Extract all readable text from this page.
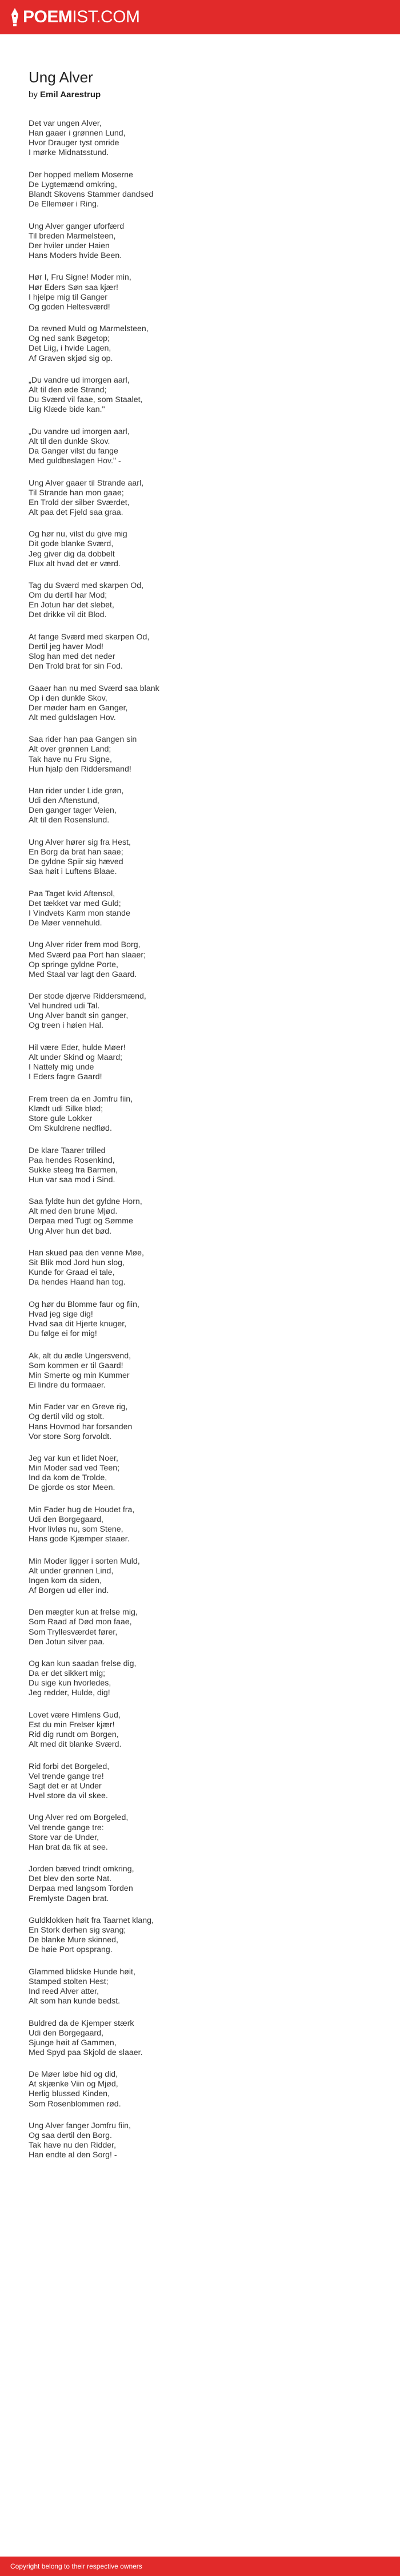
POEMIST.COM
Ung Alver
by Emil Aarestrup
Det var ungen Alver,
Han gaaer i grønnen Lund,
Hvor Drauger tyst omride
I mørke Midnatsstund.
Der hopped mellem Moserne
De Lygtemænd omkring,
Blandt Skovens Stammer dandsed
De Ellemøer i Ring.
Ung Alver ganger uforfærd
Til breden Marmelsteen,
Der hviler under Haien
Hans Moders hvide Been.
Hør I, Fru Signe! Moder min,
Hør Eders Søn saa kjær!
I hjelpe mig til Ganger
Og goden Heltesværd!
Da revned Muld og Marmelsteen,
Og ned sank Bøgetop;
Det Liig, i hvide Lagen,
Af Graven skjød sig op.
„Du vandre ud imorgen aarl,
Alt til den øde Strand;
Du Sværd vil faae, som Staalet,
Liig Klæde bide kan."
„Du vandre ud imorgen aarl,
Alt til den dunkle Skov.
Da Ganger vilst du fange
Med guldbeslagen Hov." -
Ung Alver gaaer til Strande aarl,
Til Strande han mon gaae;
En Trold der silber Sværdet,
Alt paa det Fjeld saa graa.
Og hør nu, vilst du give mig
Dit gode blanke Sværd,
Jeg giver dig da dobbelt
Flux alt hvad det er værd.
Tag du Sværd med skarpen Od,
Om du dertil har Mod;
En Jotun har det slebet,
Det drikke vil dit Blod.
At fange Sværd med skarpen Od,
Dertil jeg haver Mod!
Slog han med det neder
Den Trold brat for sin Fod.
Gaaer han nu med Sværd saa blank
Op i den dunkle Skov,
Der møder ham en Ganger,
Alt med guldslagen Hov.
Saa rider han paa Gangen sin
Alt over grønnen Land;
Tak have nu Fru Signe,
Hun hjalp den Riddersmand!
Han rider under Lide grøn,
Udi den Aftenstund,
Den ganger tager Veien,
Alt til den Rosenslund.
Ung Alver hører sig fra Hest,
En Borg da brat han saae;
De gyldne Spiir sig hæved
Saa høit i Luftens Blaae.
Paa Taget kvid Aftensol,
Det tækket var med Guld;
I Vindvets Karm mon stande
De Møer vennehuld.
Ung Alver rider frem mod Borg,
Med Sværd paa Port han slaaer;
Op springe gyldne Porte,
Med Staal var lagt den Gaard.
Der stode djærve Riddersmænd,
Vel hundred udi Tal.
Ung Alver bandt sin ganger,
Og treen i høien Hal.
Hil være Eder, hulde Møer!
Alt under Skind og Maard;
I Nattely mig unde
I Eders fagre Gaard!
Frem treen da en Jomfru fiin,
Klædt udi Silke blød;
Store gule Lokker
Om Skuldrene nedflød.
De klare Taarer trilled
Paa hendes Rosenkind,
Sukke steeg fra Barmen,
Hun var saa mod i Sind.
Saa fyldte hun det gyldne Horn,
Alt med den brune Mjød.
Derpaa med Tugt og Sømme
Ung Alver hun det bød.
Han skued paa den venne Møe,
Sit Blik mod Jord hun slog,
Kunde for Graad ei tale,
Da hendes Haand han tog.
Og hør du Blomme faur og fiin,
Hvad jeg sige dig!
Hvad saa dit Hjerte knuger,
Du følge ei for mig!
Ak, alt du ædle Ungersvend,
Som kommen er til Gaard!
Min Smerte og min Kummer
Ei lindre du formaaer.
Min Fader var en Greve rig,
Og dertil vild og stolt.
Hans Hovmod har forsanden
Vor store Sorg forvoldt.
Jeg var kun et lidet Noer,
Min Moder sad ved Teen;
Ind da kom de Trolde,
De gjorde os stor Meen.
Min Fader hug de Houdet fra,
Udi den Borgegaard,
Hvor livløs nu, som Stene,
Hans gode Kjæmper staaer.
Min Moder ligger i sorten Muld,
Alt under grønnen Lind,
Ingen kom da siden,
Af Borgen ud eller ind.
Den mægter kun at frelse mig,
Som Raad af Død mon faae,
Som Tryllesværdet fører,
Den Jotun silver paa.
Og kan kun saadan frelse dig,
Da er det sikkert mig;
Du sige kun hvorledes,
Jeg redder, Hulde, dig!
Lovet være Himlens Gud,
Est du min Frelser kjær!
Rid dig rundt om Borgen,
Alt med dit blanke Sværd.
Rid forbi det Borgeled,
Vel trende gange tre!
Sagt det er at Under
Hvel store da vil skee.
Ung Alver red om Borgeled,
Vel trende gange tre:
Store var de Under,
Han brat da fik at see.
Jorden bæved trindt omkring,
Det blev den sorte Nat.
Derpaa med langsom Torden
Fremlyste Dagen brat.
Guldklokken høit fra Taarnet klang,
En Stork derhen sig svang;
De blanke Mure skinned,
De høie Port opsprang.
Glammed blidske Hunde høit,
Stamped stolten Hest;
Ind reed Alver atter,
Alt som han kunde bedst.
Buldred da de Kjemper stærk
Udi den Borgegaard,
Sjunge høit af Gammen,
Med Spyd paa Skjold de slaaer.
De Møer løbe hid og did,
At skjænke Viin og Mjød,
Herlig blussed Kinden,
Som Rosenblommen rød.
Ung Alver fanger Jomfru fiin,
Og saa dertil den Borg.
Tak have nu den Ridder,
Han endte al den Sorg! -
Copyright belong to their respective owners
